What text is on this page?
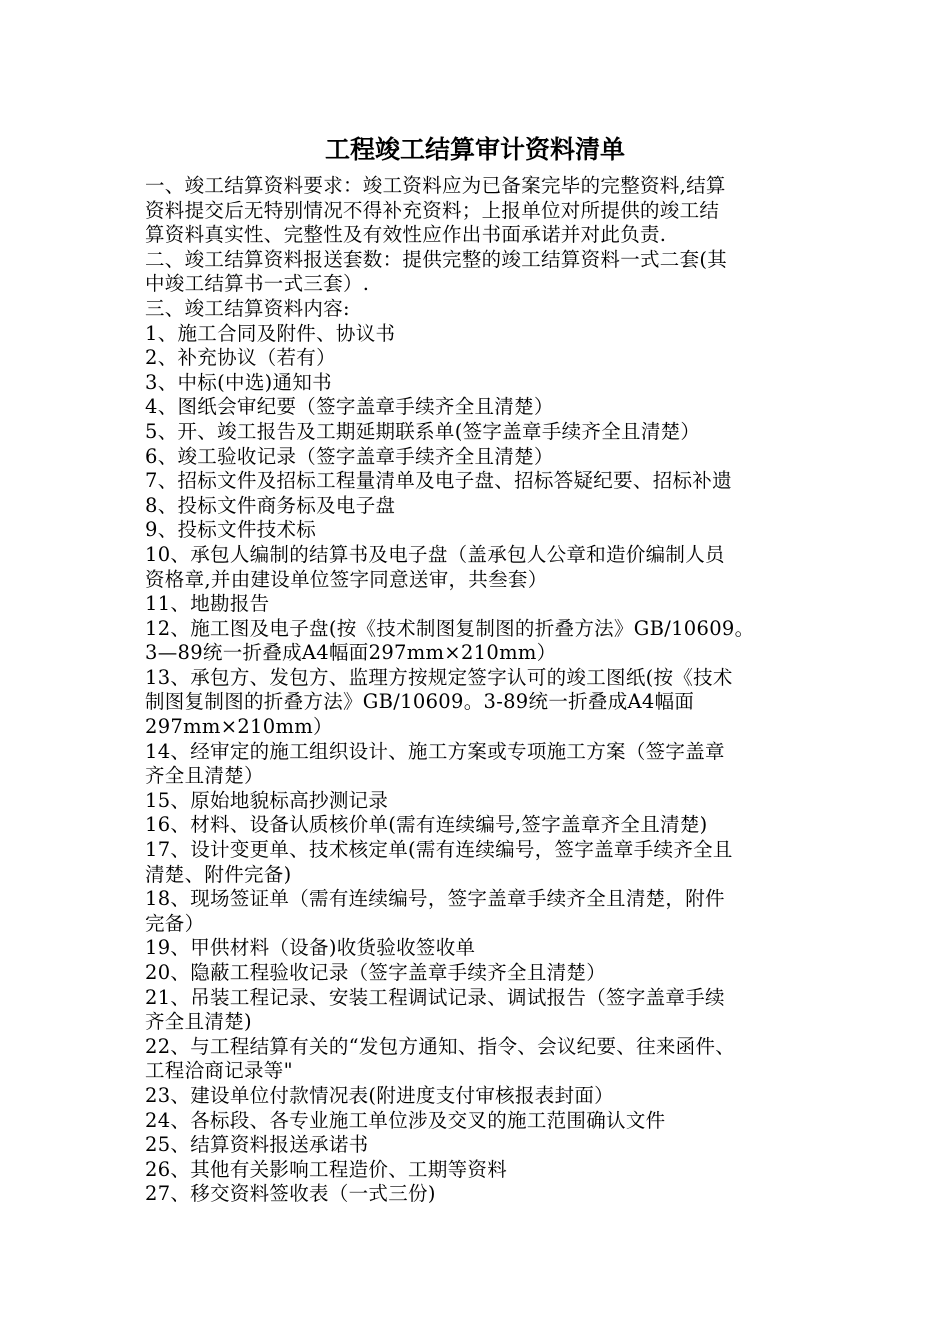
工程竣工结算审计资料清单

一、竣工结算资料要求：竣工资料应为已备案完毕的完整资料,结算

资料提交后无特别情况不得补充资料；上报单位对所提供的竣工结

算资料真实性、完整性及有效性应作出书面承诺并对此负责.

二、竣工结算资料报送套数：提供完整的竣工结算资料一式二套(其

中竣工结算书一式三套）.

三、竣工结算资料内容:

1、施工合同及附件、协议书

2、补充协议（若有）

3、中标(中选)通知书

4、图纸会审纪要（签字盖章手续齐全且清楚）

5、开、竣工报告及工期延期联系单(签字盖章手续齐全且清楚）

6、竣工验收记录（签字盖章手续齐全且清楚）

7、招标文件及招标工程量清单及电子盘、招标答疑纪要、招标补遗

8、投标文件商务标及电子盘

9、投标文件技术标

10、承包人编制的结算书及电子盘（盖承包人公章和造价编制人员

资格章,并由建设单位签字同意送审，共叁套）

11、地勘报告

12、施工图及电子盘(按《技术制图复制图的折叠方法》GB/10609。

3—89统一折叠成A4幅面297mm×210mm）

13、承包方、发包方、监理方按规定签字认可的竣工图纸(按《技术

制图复制图的折叠方法》GB/10609。3-89统一折叠成A4幅面

297mm×210mm）

14、经审定的施工组织设计、施工方案或专项施工方案（签字盖章

齐全且清楚）

15、原始地貌标高抄测记录

16、材料、设备认质核价单(需有连续编号,签字盖章齐全且清楚)

17、设计变更单、技术核定单(需有连续编号，签字盖章手续齐全且

清楚、附件完备)

18、现场签证单（需有连续编号，签字盖章手续齐全且清楚，附件

完备）

19、甲供材料（设备)收货验收签收单

20、隐蔽工程验收记录（签字盖章手续齐全且清楚）

21、吊装工程记录、安装工程调试记录、调试报告（签字盖章手续

齐全且清楚)

22、与工程结算有关的“发包方通知、指令、会议纪要、往来函件、

工程洽商记录等"

23、建设单位付款情况表(附进度支付审核报表封面）

24、各标段、各专业施工单位涉及交叉的施工范围确认文件

25、结算资料报送承诺书

26、其他有关影响工程造价、工期等资料

27、移交资料签收表（一式三份)
